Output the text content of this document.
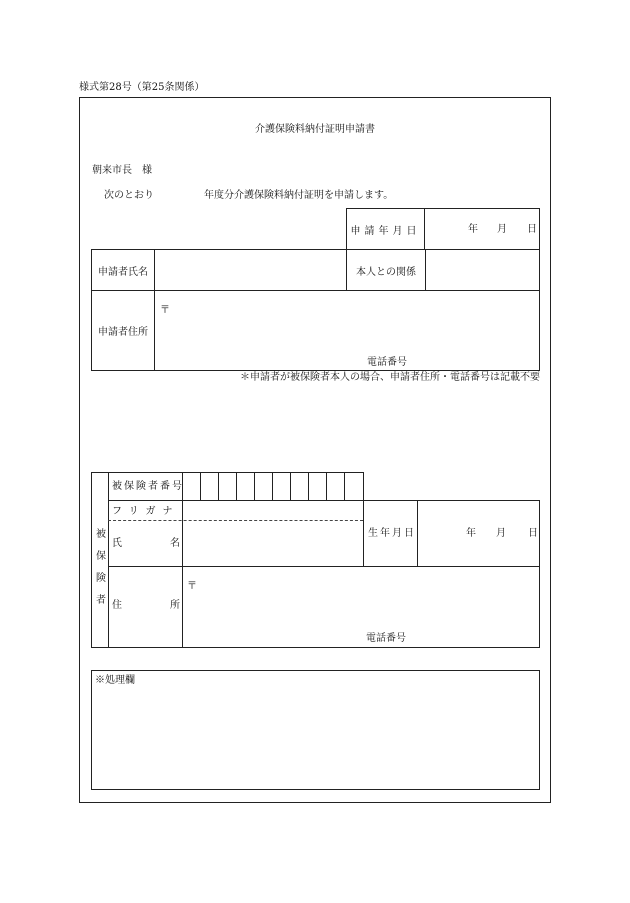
様式第28号（第25条関係）
介護保険料納付証明申請書
朝来市長　様
次のとおり　　　　　年度分介護保険料納付証明を申請します。
申請年月日	年 月 日
申請者氏名		本人との関係	
申請者住所	
〒
電話番号
＊申請者が被保険者本人の場合、申請者住所・電話番号は記載不要
被
保
険
者
被保険者番号
フリガナ
氏	名
生年月日	年 月 日
住	所
〒
電話番号
※処理欄
